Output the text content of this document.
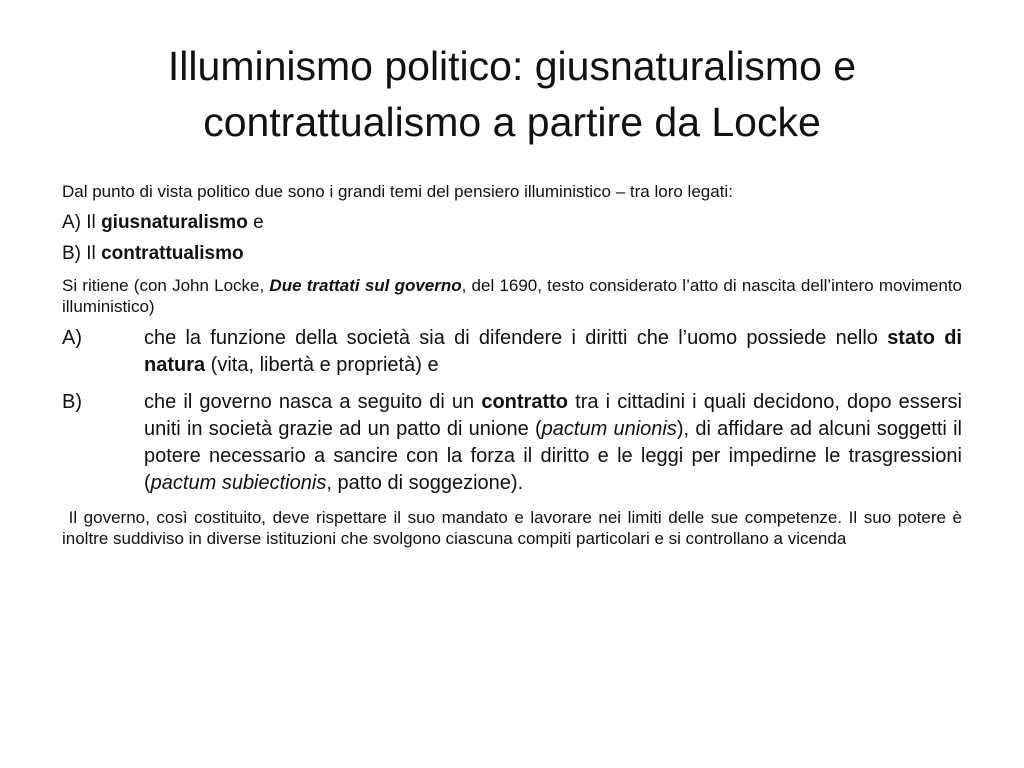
Illuminismo politico: giusnaturalismo e contrattualismo a partire da Locke

Dal punto di vista politico due sono i grandi temi del pensiero illuministico – tra loro legati:

A) Il giusnaturalismo e

B) Il contrattualismo

Si ritiene (con John Locke, Due trattati sul governo, del 1690, testo considerato l’atto di nascita dell’intero movimento illuministico)

A)	che la funzione della società sia di difendere i diritti che l’uomo possiede nello stato di natura (vita, libertà e proprietà) e
B)	che il governo nasca a seguito di un contratto tra i cittadini i quali decidono, dopo essersi uniti in società grazie ad un patto di unione (pactum unionis), di affidare ad alcuni soggetti il potere necessario a sancire con la forza il diritto e le leggi per impedirne le trasgressioni (pactum subiectionis, patto di soggezione).

Il governo, così costituito, deve rispettare il suo mandato e lavorare nei limiti delle sue competenze. Il suo potere è inoltre suddiviso in diverse istituzioni che svolgono ciascuna compiti particolari e si controllano a vicenda
